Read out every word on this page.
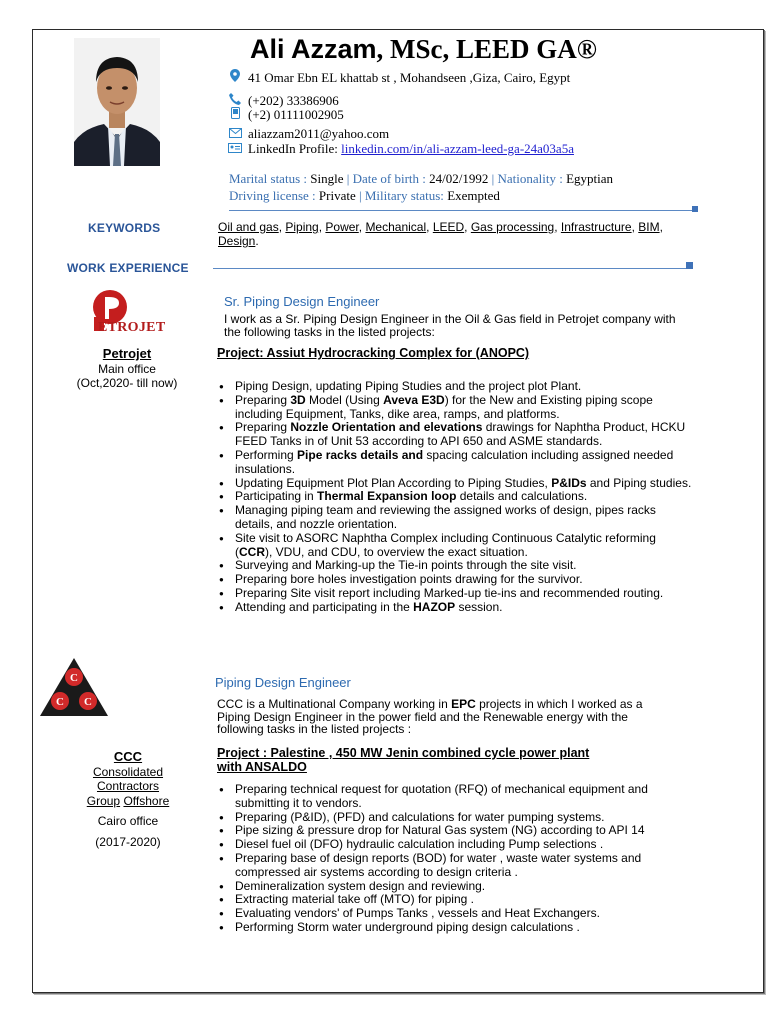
Ali Azzam, MSc, LEED GA®
41 Omar Ebn EL khattab st , Mohandseen ,Giza, Cairo, Egypt
(+202) 33386906
(+2) 01111002905
aliazzam2011@yahoo.com
LinkedIn Profile: linkedin.com/in/ali-azzam-leed-ga-24a03a5a
Marital status : Single | Date of birth : 24/02/1992 | Nationality : Egyptian
Driving license : Private | Military status: Exempted
KEYWORDS	Oil and gas, Piping, Power, Mechanical, LEED, Gas processing, Infrastructure, BIM, Design.
WORK EXPERIENCE
ETROJET
Petrojet
Main office
(Oct,2020- till now)
Sr. Piping Design Engineer
I work as a Sr. Piping Design Engineer in the Oil & Gas field in Petrojet company with the following tasks in the listed projects:
Project: Assiut Hydrocracking Complex for (ANOPC)
● Piping Design, updating Piping Studies and the project plot Plant.
● Preparing 3D Model (Using Aveva E3D) for the New and Existing piping scope including Equipment, Tanks, dike area, ramps, and platforms.
● Preparing Nozzle Orientation and elevations drawings for Naphtha Product, HCKU FEED Tanks in of Unit 53 according to API 650 and ASME standards.
● Performing Pipe racks details and spacing calculation including assigned needed insulations.
● Updating Equipment Plot Plan According to Piping Studies, P&IDs and Piping studies.
● Participating in Thermal Expansion loop details and calculations.
● Managing piping team and reviewing the assigned works of design, pipes racks details, and nozzle orientation.
● Site visit to ASORC Naphtha Complex including Continuous Catalytic reforming (CCR), VDU, and CDU, to overview the exact situation.
● Surveying and Marking-up the Tie-in points through the site visit.
● Preparing bore holes investigation points drawing for the survivor.
● Preparing Site visit report including Marked-up tie-ins and recommended routing.
● Attending and participating in the HAZOP session.
C
C C
CCC
Consolidated
Contractors
Group Offshore
Cairo office
(2017-2020)
Piping Design Engineer
CCC is a Multinational Company working in EPC projects in which I worked as a Piping Design Engineer in the power field and the Renewable energy with the following tasks in the listed projects :
Project : Palestine , 450 MW Jenin combined cycle power plant
with ANSALDO
● Preparing technical request for quotation (RFQ) of mechanical equipment and submitting it to vendors.
● Preparing (P&ID), (PFD) and calculations for water pumping systems.
● Pipe sizing & pressure drop for Natural Gas system (NG) according to API 14
● Diesel fuel oil (DFO) hydraulic calculation including Pump selections .
● Preparing base of design reports (BOD) for water , waste water systems and compressed air systems according to design criteria .
● Demineralization system design and reviewing.
● Extracting material take off (MTO) for piping .
● Evaluating vendors' of Pumps Tanks , vessels and Heat Exchangers.
● Performing Storm water underground piping design calculations .
